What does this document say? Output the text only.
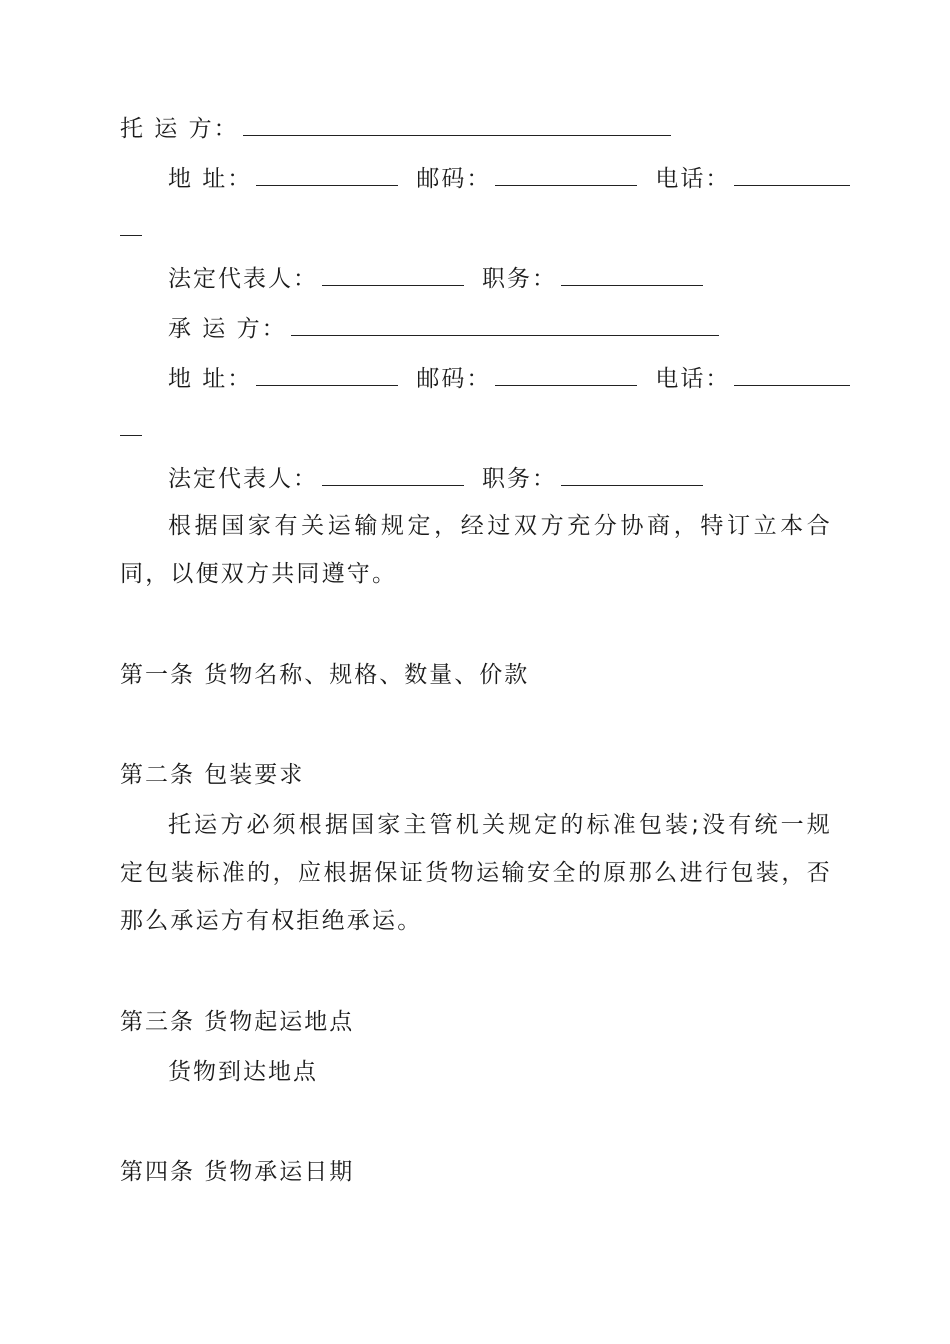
托 运 方：
地 址：	邮码：	电话：
法定代表人：	职务：
承 运 方：
地 址：	邮码：	电话：
法定代表人：	职务：
根据国家有关运输规定，经过双方充分协商，特订立本合同，以便双方共同遵守。
第一条 货物名称、规格、数量、价款
第二条 包装要求
托运方必须根据国家主管机关规定的标准包装;没有统一规定包装标准的，应根据保证货物运输安全的原那么进行包装，否那么承运方有权拒绝承运。
第三条 货物起运地点
货物到达地点
第四条 货物承运日期
